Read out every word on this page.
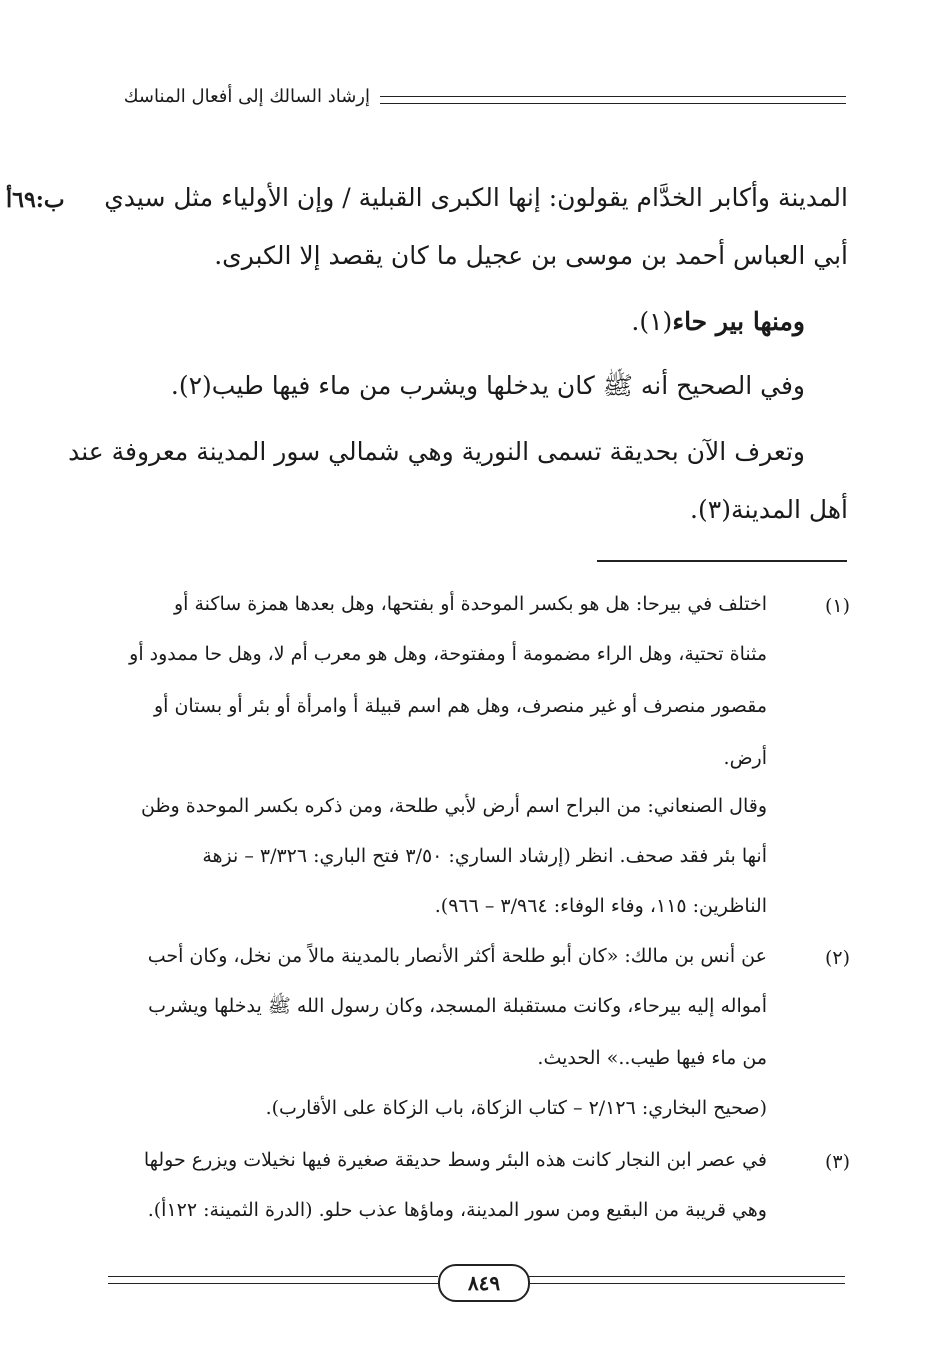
إرشاد السالك إلى أفعال المناسك
ب:٦٩أ	المدينة وأكابر الخدَّام يقولون: إنها الكبرى القبلية / وإن الأولياء مثل سيدي
أبي العباس أحمد بن موسى بن عجيل ما كان يقصد إلا الكبرى.
ومنها بير حاء(١).
وفي الصحيح أنه ﷺ كان يدخلها ويشرب من ماء فيها طيب(٢).
وتعرف الآن بحديقة تسمى النورية وهي شمالي سور المدينة معروفة عند
أهل المدينة(٣).
(١)
اختلف في بيرحا: هل هو بكسر الموحدة أو بفتحها، وهل بعدها همزة ساكنة أو
مثناة تحتية، وهل الراء مضمومة أ ومفتوحة، وهل هو معرب أم لا، وهل حا ممدود أو
مقصور منصرف أو غير منصرف، وهل هم اسم قبيلة أ وامرأة أو بئر أو بستان أو
أرض.
وقال الصنعاني: من البراح اسم أرض لأبي طلحة، ومن ذكره بكسر الموحدة وظن
أنها بئر فقد صحف. انظر (إرشاد الساري: ٣/٥٠ فتح الباري: ٣/٣٢٦ – نزهة
الناظرين: ١١٥، وفاء الوفاء: ٣/٩٦٤ – ٩٦٦).
(٢)
عن أنس بن مالك: «كان أبو طلحة أكثر الأنصار بالمدينة مالاً من نخل، وكان أحب
أمواله إليه بيرحاء، وكانت مستقبلة المسجد، وكان رسول الله ﷺ يدخلها ويشرب
من ماء فيها طيب..» الحديث.
(صحيح البخاري: ٢/١٢٦ – كتاب الزكاة، باب الزكاة على الأقارب).
(٣)
في عصر ابن النجار كانت هذه البئر وسط حديقة صغيرة فيها نخيلات ويزرع حولها
وهي قريبة من البقيع ومن سور المدينة، وماؤها عذب حلو. (الدرة الثمينة: ١٢٢أ).
٨٤٩
